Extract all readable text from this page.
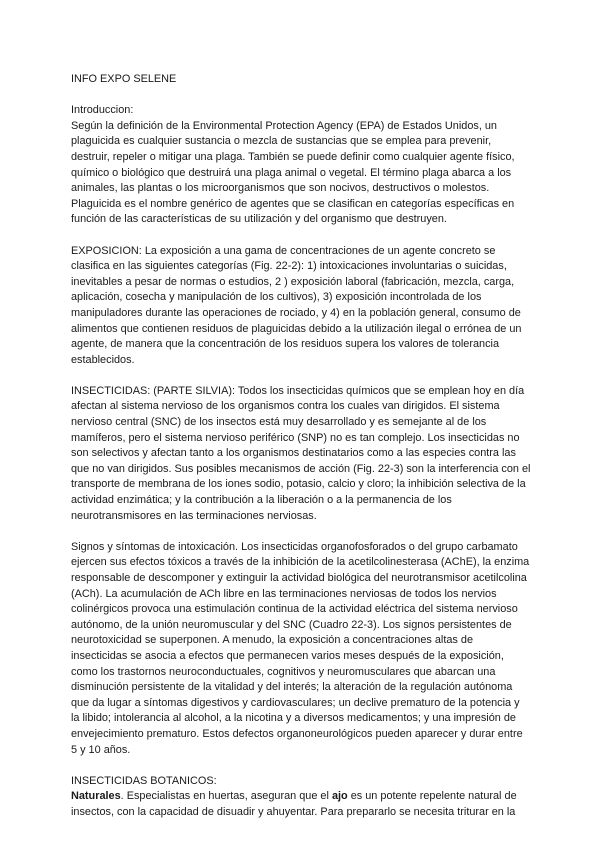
INFO EXPO SELENE
Introduccion:
Según la definición de la Environmental Protection Agency (EPA) de Estados Unidos, un plaguicida es cualquier sustancia o mezcla de sustancias que se emplea para prevenir, destruir, repeler o mitigar una plaga. También se puede definir como cualquier agente físico, químico o biológico que destruirá una plaga animal o vegetal. El término plaga abarca a los animales, las plantas o los microorganismos que son nocivos, destructivos o molestos. Plaguicida es el nombre genérico de agentes que se clasifican en categorías específicas en función de las características de su utilización y del organismo que destruyen.
EXPOSICION: La exposición a una gama de concentraciones de un agente concreto se clasifica en las siguientes categorías (Fig. 22-2): 1) intoxicaciones involuntarias o suicidas, inevitables a pesar de normas o estudios, 2 ) exposición laboral (fabricación, mezcla, carga, aplicación, cosecha y manipulación de los cultivos), 3) exposición incontrolada de los manipuladores durante las operaciones de rociado, y 4) en la población general, consumo de alimentos que contienen residuos de plaguicidas debido a la utilización ilegal o errónea de un agente, de manera que la concentración de los residuos supera los valores de tolerancia establecidos.
INSECTICIDAS: (PARTE SILVIA): Todos los insecticidas químicos que se emplean hoy en día afectan al sistema nervioso de los organismos contra los cuales van dirigidos. El sistema nervioso central (SNC) de los insectos está muy desarrollado y es semejante al de los mamíferos, pero el sistema nervioso periférico (SNP) no es tan complejo. Los insecticidas no son selectivos y afectan tanto a los organismos destinatarios como a las especies contra las que no van dirigidos. Sus posibles mecanismos de acción (Fig. 22-3) son la interferencia con el transporte de membrana de los iones sodio, potasio, calcio y cloro; la inhibición selectiva de la actividad enzimática; y la contribución a la liberación o a la permanencia de los neurotransmisores en las terminaciones nerviosas.
Signos y síntomas de intoxicación. Los insecticidas organofosforados o del grupo carbamato ejercen sus efectos tóxicos a través de la inhibición de la acetilcolinesterasa (AChE), la enzima responsable de descomponer y extinguir la actividad biológica del neurotransmisor acetilcolina (ACh). La acumulación de ACh libre en las terminaciones nerviosas de todos los nervios colinérgicos provoca una estimulación continua de la actividad eléctrica del sistema nervioso autónomo, de la unión neuromuscular y del SNC (Cuadro 22-3). Los signos persistentes de neurotoxicidad se superponen. A menudo, la exposición a concentraciones altas de insecticidas se asocia a efectos que permanecen varios meses después de la exposición, como los trastornos neuroconductuales, cognitivos y neuromusculares que abarcan una disminución persistente de la vitalidad y del interés; la alteración de la regulación autónoma que da lugar a síntomas digestivos y cardiovasculares; un declive prematuro de la potencia y la libido; intolerancia al alcohol, a la nicotina y a diversos medicamentos; y una impresión de envejecimiento prematuro. Estos defectos organoneurológicos pueden aparecer y durar entre 5 y 10 años.
INSECTICIDAS BOTANICOS:
Naturales. Especialistas en huertas, aseguran que el ajo es un potente repelente natural de insectos, con la capacidad de disuadir y ahuyentar. Para prepararlo se necesita triturar en la
